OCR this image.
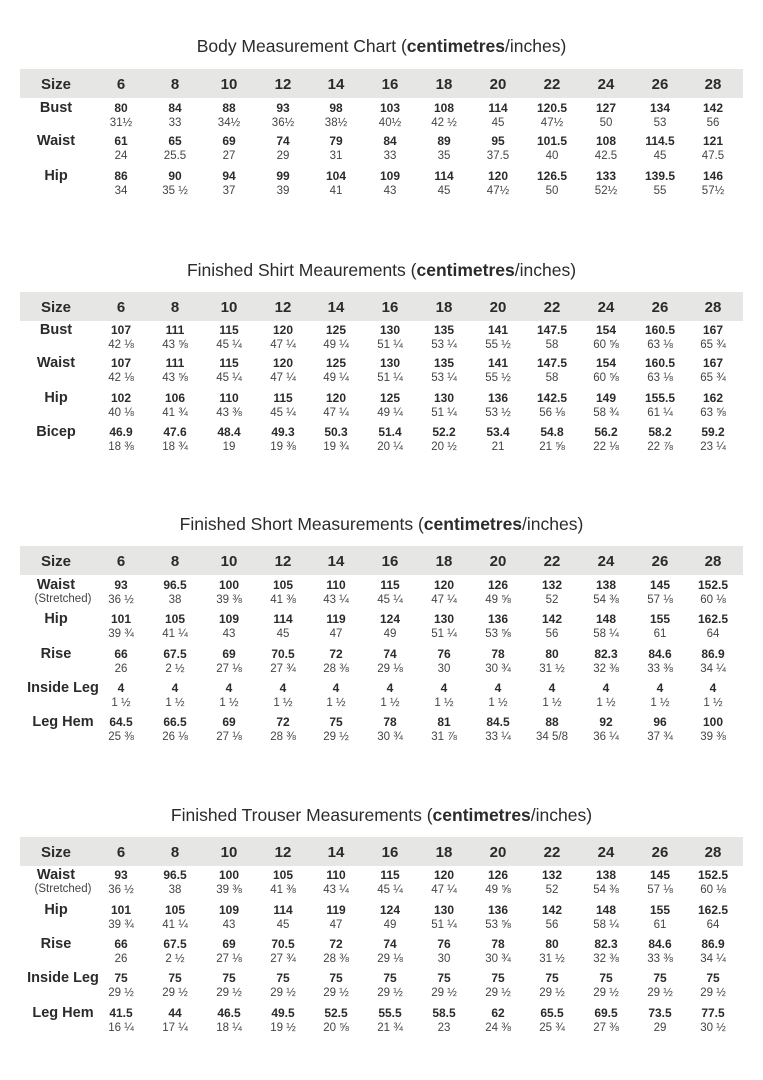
Body Measurement Chart (centimetres/inches)
Size	6	8	10	12	14	16	18	20	22	24	26	28
Bust	80	84	88	93	98	103	108	114	120.5	127	134	142
31½	33	34½	36½	38½	40½	42 ½	45	47½	50	53	56
Waist	61	65	69	74	79	84	89	95	101.5	108	114.5	121
24	25.5	27	29	31	33	35	37.5	40	42.5	45	47.5
Hip	86	90	94	99	104	109	114	120	126.5	133	139.5	146
34	35 ½	37	39	41	43	45	47½	50	52½	55	57½
Finished Shirt Meaurements (centimetres/inches)
Size	6	8	10	12	14	16	18	20	22	24	26	28
Bust	107	111	115	120	125	130	135	141	147.5	154	160.5	167
42 ⅛	43 ⅝	45 ¼	47 ¼	49 ¼	51 ¼	53 ¼	55 ½	58	60 ⅝	63 ⅛	65 ¾
Waist	107	111	115	120	125	130	135	141	147.5	154	160.5	167
42 ⅛	43 ⅝	45 ¼	47 ¼	49 ¼	51 ¼	53 ¼	55 ½	58	60 ⅝	63 ⅛	65 ¾
Hip	102	106	110	115	120	125	130	136	142.5	149	155.5	162
40 ⅛	41 ¾	43 ⅜	45 ¼	47 ¼	49 ¼	51 ¼	53 ½	56 ⅛	58 ¾	61 ¼	63 ⅝
Bicep	46.9	47.6	48.4	49.3	50.3	51.4	52.2	53.4	54.8	56.2	58.2	59.2
18 ⅜	18 ¾	19	19 ⅜	19 ¾	20 ¼	20 ½	21	21 ⅝	22 ⅛	22 ⅞	23 ¼
Finished Short Measurements (centimetres/inches)
Size	6	8	10	12	14	16	18	20	22	24	26	28
Waist
(Stretched)
93	96.5	100	105	110	115	120	126	132	138	145	152.5
36 ½	38	39 ⅜	41 ⅜	43 ¼	45 ¼	47 ¼	49 ⅝	52	54 ⅜	57 ⅛	60 ⅛
Hip	101	105	109	114	119	124	130	136	142	148	155	162.5
39 ¾	41 ¼	43	45	47	49	51 ¼	53 ⅝	56	58 ¼	61	64
Rise	66	67.5	69	70.5	72	74	76	78	80	82.3	84.6	86.9
26	2 ½	27 ⅛	27 ¾	28 ⅜	29 ⅛	30	30 ¾	31 ½	32 ⅜	33 ⅜	34 ¼
Inside Leg	4	4	4	4	4	4	4	4	4	4	4	4
1 ½	1 ½	1 ½	1 ½	1 ½	1 ½	1 ½	1 ½	1 ½	1 ½	1 ½	1 ½
Leg Hem	64.5	66.5	69	72	75	78	81	84.5	88	92	96	100
25 ⅜	26 ⅛	27 ⅛	28 ⅜	29 ½	30 ¾	31 ⅞	33 ¼	34 5/8	36 ¼	37 ¾	39 ⅜
Finished Trouser Measurements (centimetres/inches)
Size	6	8	10	12	14	16	18	20	22	24	26	28
Waist
(Stretched)
93	96.5	100	105	110	115	120	126	132	138	145	152.5
36 ½	38	39 ⅜	41 ⅜	43 ¼	45 ¼	47 ¼	49 ⅝	52	54 ⅜	57 ⅛	60 ⅛
Hip	101	105	109	114	119	124	130	136	142	148	155	162.5
39 ¾	41 ¼	43	45	47	49	51 ¼	53 ⅝	56	58 ¼	61	64
Rise	66	67.5	69	70.5	72	74	76	78	80	82.3	84.6	86.9
26	2 ½	27 ⅛	27 ¾	28 ⅜	29 ⅛	30	30 ¾	31 ½	32 ⅜	33 ⅜	34 ¼
Inside Leg	75	75	75	75	75	75	75	75	75	75	75	75
29 ½	29 ½	29 ½	29 ½	29 ½	29 ½	29 ½	29 ½	29 ½	29 ½	29 ½	29 ½
Leg Hem	41.5	44	46.5	49.5	52.5	55.5	58.5	62	65.5	69.5	73.5	77.5
16 ¼	17 ¼	18 ¼	19 ½	20 ⅝	21 ¾	23	24 ⅜	25 ¾	27 ⅜	29	30 ½
